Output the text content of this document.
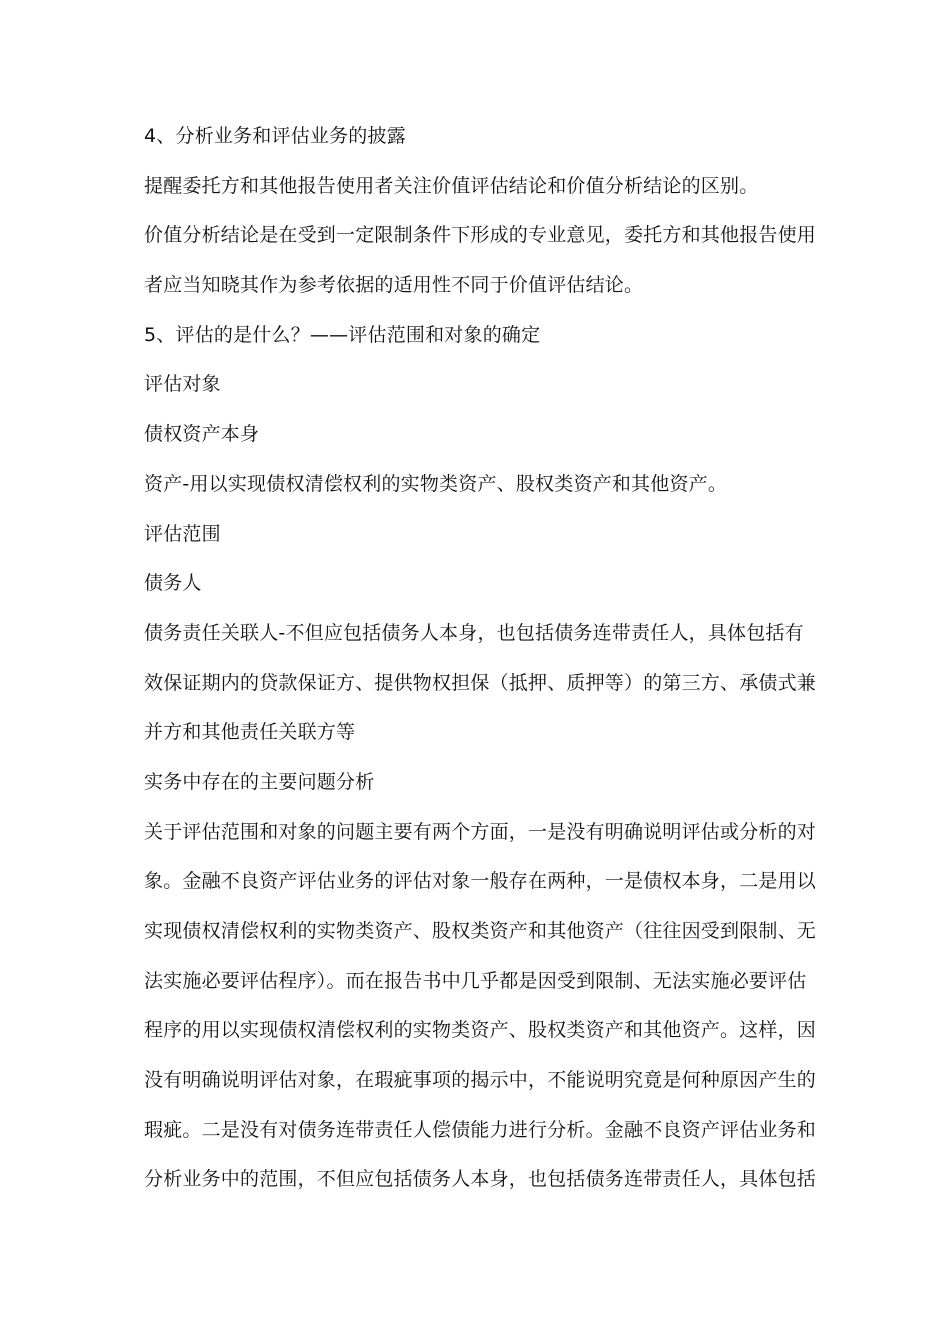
4、分析业务和评估业务的披露
提醒委托方和其他报告使用者关注价值评估结论和价值分析结论的区别。
价值分析结论是在受到一定限制条件下形成的专业意见，委托方和其他报告使用
者应当知晓其作为参考依据的适用性不同于价值评估结论。
5、评估的是什么？——评估范围和对象的确定
评估对象
债权资产本身
资产-用以实现债权清偿权利的实物类资产、股权类资产和其他资产。
评估范围
债务人
债务责任关联人-不但应包括债务人本身，也包括债务连带责任人，具体包括有
效保证期内的贷款保证方、提供物权担保（抵押、质押等）的第三方、承债式兼
并方和其他责任关联方等
实务中存在的主要问题分析
关于评估范围和对象的问题主要有两个方面，一是没有明确说明评估或分析的对
象。金融不良资产评估业务的评估对象一般存在两种，一是债权本身，二是用以
实现债权清偿权利的实物类资产、股权类资产和其他资产（往往因受到限制、无
法实施必要评估程序）。而在报告书中几乎都是因受到限制、无法实施必要评估
程序的用以实现债权清偿权利的实物类资产、股权类资产和其他资产。这样，因
没有明确说明评估对象，在瑕疵事项的揭示中，不能说明究竟是何种原因产生的
瑕疵。二是没有对债务连带责任人偿债能力进行分析。金融不良资产评估业务和
分析业务中的范围，不但应包括债务人本身，也包括债务连带责任人，具体包括
